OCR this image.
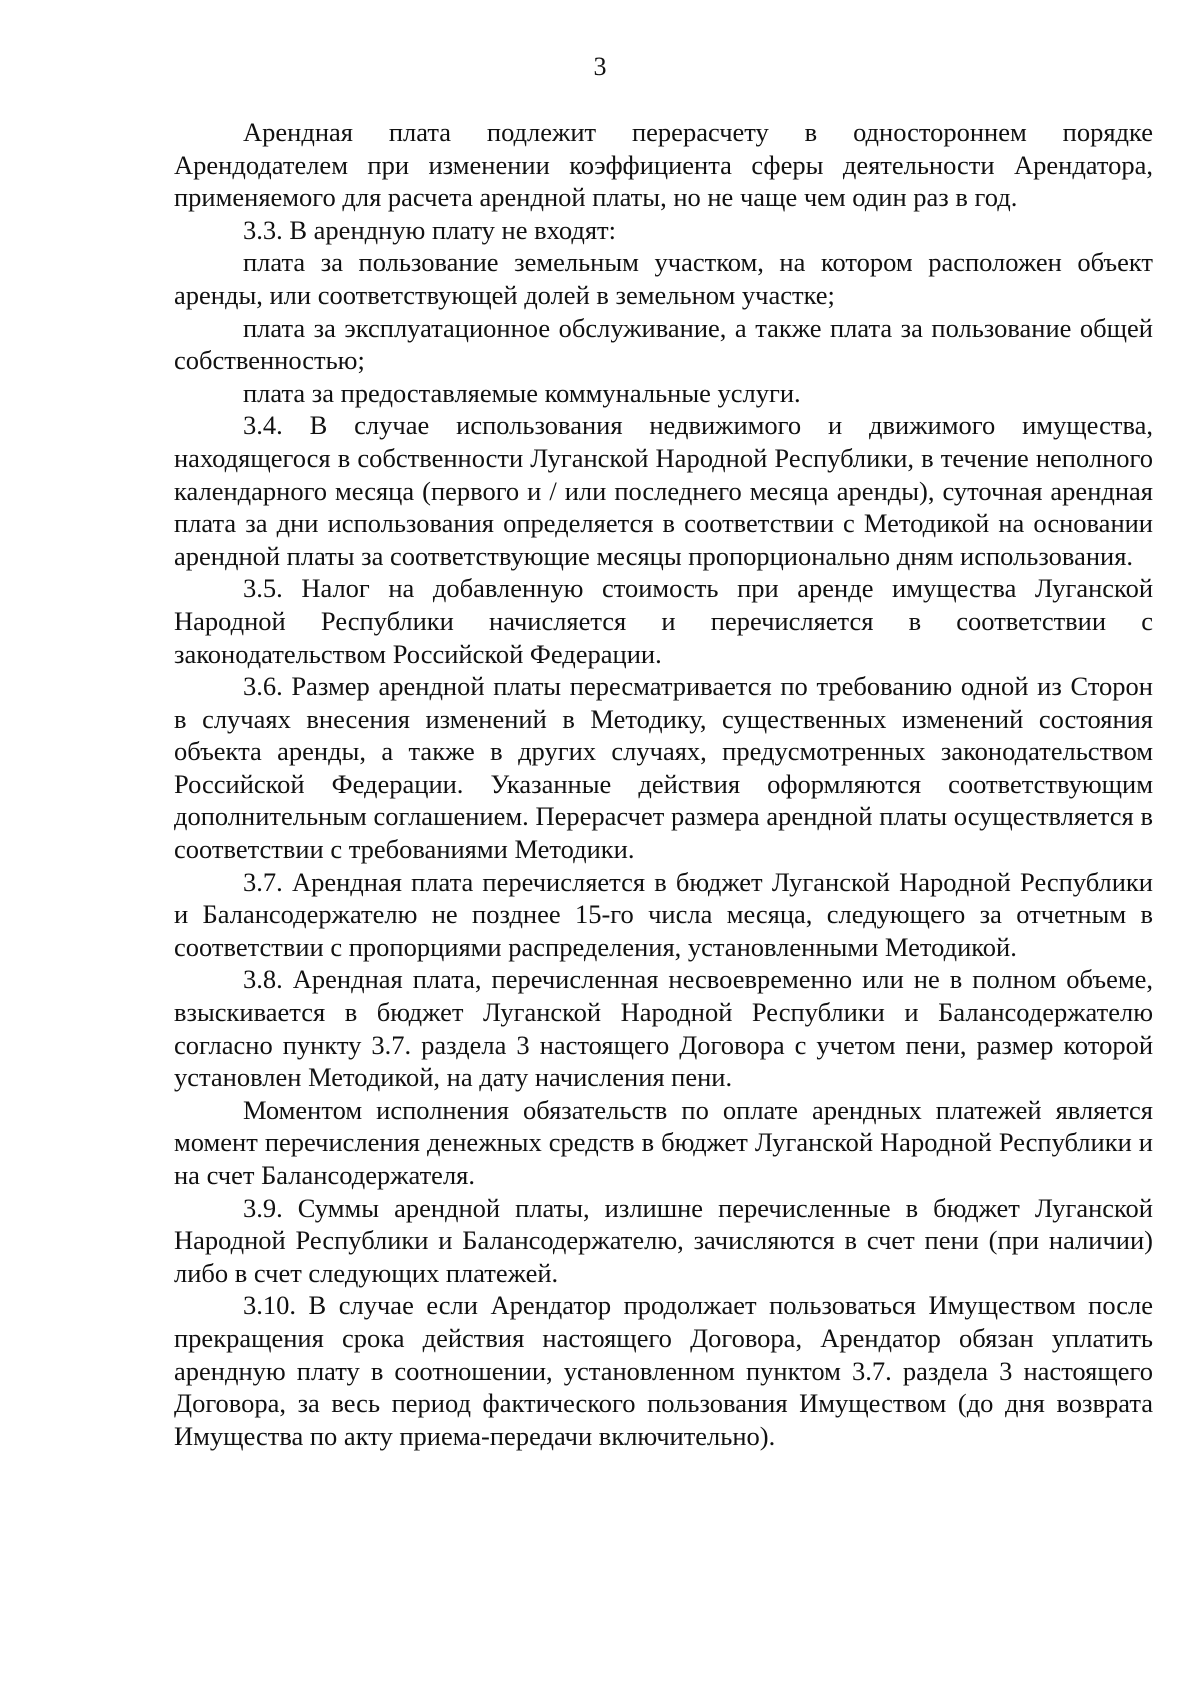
3

Арендная плата подлежит перерасчету в одностороннем порядке Арендодателем при изменении коэффициента сферы деятельности Арендатора, применяемого для расчета арендной платы, но не чаще чем один раз в год.

3.3. В арендную плату не входят:

плата за пользование земельным участком, на котором расположен объект аренды, или соответствующей долей в земельном участке;

плата за эксплуатационное обслуживание, а также плата за пользование общей собственностью;

плата за предоставляемые коммунальные услуги.

3.4. В случае использования недвижимого и движимого имущества, находящегося в собственности Луганской Народной Республики, в течение неполного календарного месяца (первого и / или последнего месяца аренды), суточная арендная плата за дни использования определяется в соответствии с Методикой на основании арендной платы за соответствующие месяцы пропорционально дням использования.

3.5. Налог на добавленную стоимость при аренде имущества Луганской Народной Республики начисляется и перечисляется в соответствии с законодательством Российской Федерации.

3.6. Размер арендной платы пересматривается по требованию одной из Сторон в случаях внесения изменений в Методику, существенных изменений состояния объекта аренды, а также в других случаях, предусмотренных законодательством Российской Федерации. Указанные действия оформляются соответствующим дополнительным соглашением. Перерасчет размера арендной платы осуществляется в соответствии с требованиями Методики.

3.7. Арендная плата перечисляется в бюджет Луганской Народной Республики и Балансодержателю не позднее 15-го числа месяца, следующего за отчетным в соответствии с пропорциями распределения, установленными Методикой.

3.8. Арендная плата, перечисленная несвоевременно или не в полном объеме, взыскивается в бюджет Луганской Народной Республики и Балансодержателю согласно пункту 3.7. раздела 3 настоящего Договора с учетом пени, размер которой установлен Методикой, на дату начисления пени.

Моментом исполнения обязательств по оплате арендных платежей является момент перечисления денежных средств в бюджет Луганской Народной Республики и на счет Балансодержателя.

3.9. Суммы арендной платы, излишне перечисленные в бюджет Луганской Народной Республики и Балансодержателю, зачисляются в счет пени (при наличии) либо в счет следующих платежей.

3.10. В случае если Арендатор продолжает пользоваться Имуществом после прекращения срока действия настоящего Договора, Арендатор обязан уплатить арендную плату в соотношении, установленном пунктом 3.7. раздела 3 настоящего Договора, за весь период фактического пользования Имуществом (до дня возврата Имущества по акту приема-передачи включительно).
